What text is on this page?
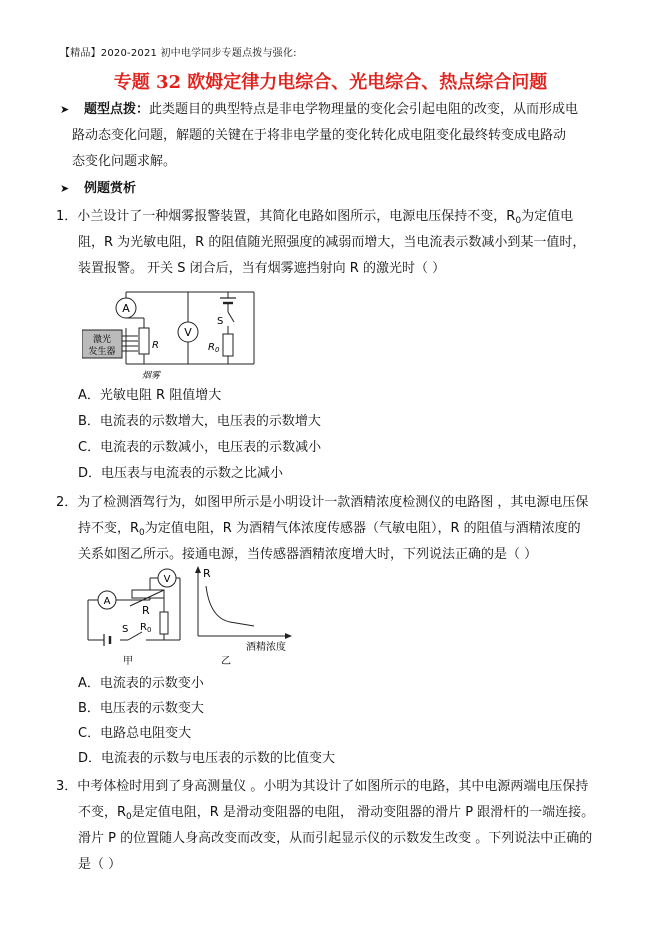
【精品】2020-2021 初中电学同步专题点拨与强化:
专题 32 欧姆定律力电综合、光电综合、热点综合问题
➤ 题型点拨：此类题目的典型特点是非电学物理量的变化会引起电阻的改变，从而形成电
路动态变化问题，解题的关键在于将非电学量的变化转化成电阻变化最终转变成电路动
态变化问题求解。
➤ 例题赏析
1．小兰设计了一种烟雾报警装置，其简化电路如图所示，电源电压保持不变，$R_0$为定值电
阻，R 为光敏电阻，R 的阻值随光照强度的减弱而增大，当电流表示数减小到某一值时，
装置报警。 开关 S 闭合后，当有烟雾遮挡射向 R 的激光时（ ）
A
V
S
R	$R_0$
激光
发生器
烟雾
A．光敏电阻 R 阻值增大
B．电流表的示数增大，电压表的示数增大
C．电流表的示数减小，电压表的示数减小
D．电压表与电流表的示数之比减小
2．为了检测酒驾行为，如图甲所示是小明设计一款酒精浓度检测仪的电路图 ，其电源电压保
持不变，$R_0$为定值电阻，R 为酒精气体浓度传感器（气敏电阻），R 的阻值与酒精浓度的
关系如图乙所示。接通电源，当传感器酒精浓度增大时，下列说法正确的是（ ）
A
V
R
$R_0$
S
甲
R
酒精浓度
乙
A．电流表的示数变小
B．电压表的示数变大
C．电路总电阻变大
D．电流表的示数与电压表的示数的比值变大
3．中考体检时用到了身高测量仪 。小明为其设计了如图所示的电路，其中电源两端电压保持
不变，$R_0$是定值电阻，R 是滑动变阻器的电阻， 滑动变阻器的滑片 P 跟滑杆的一端连接。
滑片 P 的位置随人身高改变而改变，从而引起显示仪的示数发生改变 。下列说法中正确的
是（ ）
